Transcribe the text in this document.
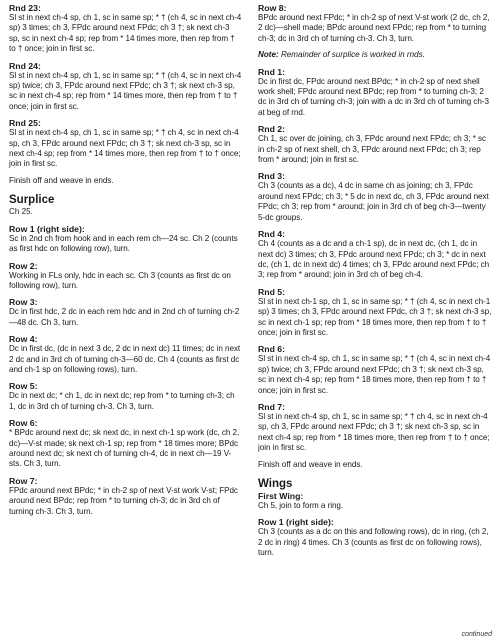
Rnd 23:

Sl st in next ch-4 sp, ch 1, sc in same sp; * † (ch 4, sc in next ch-4 sp) 3 times; ch 3, FPdc around next FPdc; ch 3 †; sk next ch-3 sp, sc in next ch-4 sp; rep from * 14 times more, then rep from † to † once; join in first sc.

Rnd 24:

Sl st in next ch-4 sp, ch 1, sc in same sp; * † (ch 4, sc in next ch-4 sp) twice; ch 3, FPdc around next FPdc; ch 3 †; sk next ch-3 sp, sc in next ch-4 sp; rep from * 14 times more, then rep from † to † once; join in first sc.

Rnd 25:

Sl st in next ch-4 sp, ch 1, sc in same sp; * † ch 4, sc in next ch-4 sp, ch 3, FPdc around next FPdc; ch 3 †; sk next ch-3 sp, sc in next ch-4 sp; rep from * 14 times more, then rep from † to † once; join in first sc.

Finish off and weave in ends.

Surplice

Ch 25.

Row 1 (right side):

Sc in 2nd ch from hook and in each rem ch—24 sc. Ch 2 (counts as first hdc on following row), turn.

Row 2:

Working in FLs only, hdc in each sc. Ch 3 (counts as first dc on following row), turn.

Row 3:

Dc in first hdc, 2 dc in each rem hdc and in 2nd ch of turning ch-2—48 dc. Ch 3, turn.

Row 4:

Dc in first dc, (dc in next 3 dc, 2 dc in next dc) 11 times; dc in next 2 dc and in 3rd ch of turning ch-3—60 dc. Ch 4 (counts as first dc and ch-1 sp on following rows), turn.

Row 5:

Dc in next dc; * ch 1, dc in next dc; rep from * to turning ch-3; ch 1, dc in 3rd ch of turning ch-3. Ch 3, turn.

Row 6:

* BPdc around next dc; sk next dc, in next ch-1 sp work (dc, ch 2, dc)—V-st made; sk next ch-1 sp; rep from * 18 times more; BPdc around next dc; sk next ch of turning ch-4, dc in next ch—19 V-sts. Ch 3, turn.

Row 7:

FPdc around next BPdc; * in ch-2 sp of next V-st work V-st; FPdc around next BPdc; rep from * to turning ch-3; dc in 3rd ch of turning ch-3. Ch 3, turn.

Row 8:

BPdc around next FPdc; * in ch-2 sp of next V-st work (2 dc, ch 2, 2 dc)—shell made; BPdc around next FPdc; rep from * to turning ch-3; dc in 3rd ch of turning ch-3. Ch 3, turn.

Note: Remainder of surplice is worked in rnds.

Rnd 1:

Dc in first dc, FPdc around next BPdc; * in ch-2 sp of next shell work shell; FPdc around next BPdc; rep from * to turning ch-3; 2 dc in 3rd ch of turning ch-3; join with a dc in 3rd ch of turning ch-3 at beg of rnd.

Rnd 2:

Ch 1, sc over dc joining, ch 3, FPdc around next FPdc; ch 3; * sc in ch-2 sp of next shell, ch 3, FPdc around next FPdc; ch 3; rep from * around; join in first sc.

Rnd 3:

Ch 3 (counts as a dc), 4 dc in same ch as joining; ch 3, FPdc around next FPdc; ch 3; * 5 dc in next dc, ch 3, FPdc around next FPdc; ch 3; rep from * around; join in 3rd ch of beg ch-3—twenty 5-dc groups.

Rnd 4:

Ch 4 (counts as a dc and a ch-1 sp), dc in next dc, (ch 1, dc in next dc) 3 times; ch 3, FPdc around next FPdc; ch 3; * dc in next dc, (ch 1, dc in next dc) 4 times; ch 3, FPdc around next FPdc; ch 3; rep from * around; join in 3rd ch of beg ch-4.

Rnd 5:

Sl st in next ch-1 sp, ch 1, sc in same sp; * † (ch 4, sc in next ch-1 sp) 3 times; ch 3, FPdc around next FPdc, ch 3 †; sk next ch-3 sp, sc in next ch-1 sp; rep from * 18 times more, then rep from † to † once; join in first sc.

Rnd 6:

Sl st in next ch-4 sp, ch 1, sc in same sp; * † (ch 4, sc in next ch-4 sp) twice; ch 3, FPdc around next FPdc; ch 3 †; sk next ch-3 sp, sc in next ch-4 sp; rep from * 18 times more, then rep from † to † once; join in first sc.

Rnd 7:

Sl st in next ch-4 sp, ch 1, sc in same sp; * † ch 4, sc in next ch-4 sp, ch 3, FPdc around next FPdc; ch 3 †; sk next ch-3 sp, sc in next ch-4 sp; rep from * 18 times more, then rep from † to † once; join in first sc.

Finish off and weave in ends.

Wings

First Wing:

Ch 5, join to form a ring.

Row 1 (right side):

Ch 3 (counts as a dc on this and following rows), dc in ring, (ch 2, 2 dc in ring) 4 times. Ch 3 (counts as first dc on following rows), turn.

continued
